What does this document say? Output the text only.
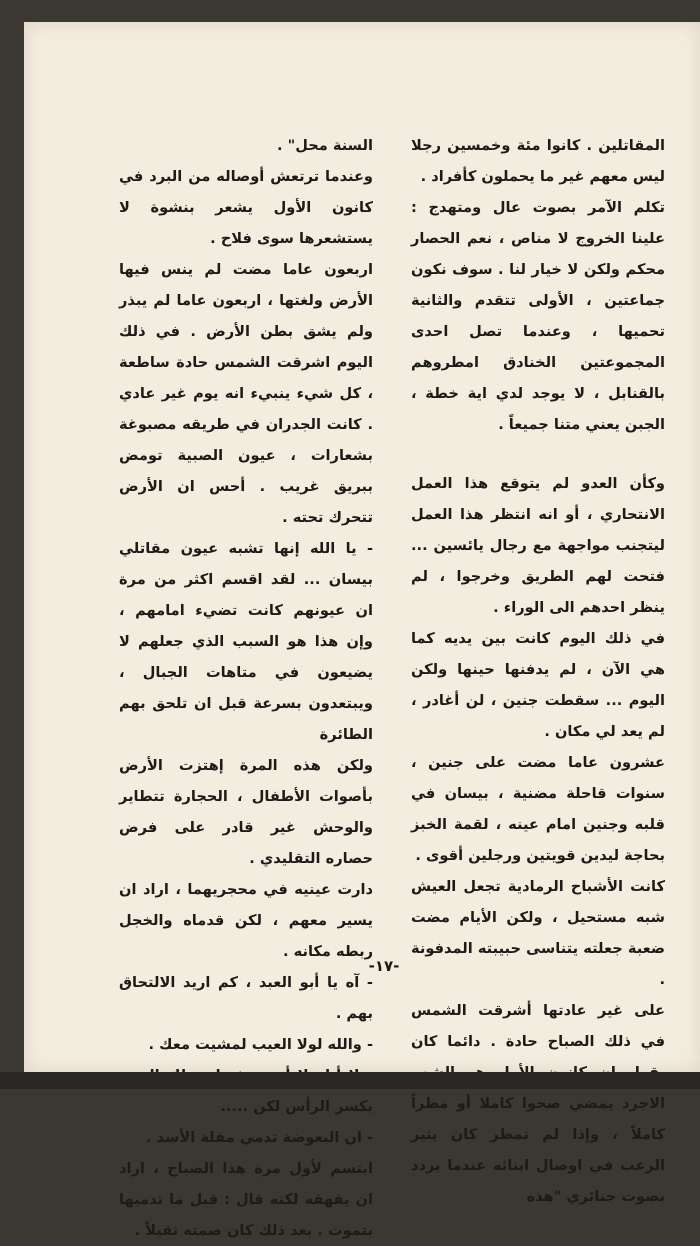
المقاتلين . كانوا مئة وخمسين رجلا ليس معهم غير ما يحملون كأفراد .

تكلم الآمر بصوت عال ومتهدج : علينا الخروج لا مناص ، نعم الحصار محكم ولكن لا خيار لنا . سوف نكون جماعتين ، الأولى تتقدم والثانية تحميها ، وعندما تصل احدى المجموعتين الخنادق امطروهم بالقنابل ، لا يوجد لدي اية خطة ، الجبن يعني متنا جميعاً .

وكأن العدو لم يتوقع هذا العمل الانتحاري ، أو انه انتظر هذا العمل ليتجنب مواجهة مع رجال يائسين ... فتحت لهم الطريق وخرجوا ، لم ينظر احدهم الى الوراء .

في ذلك اليوم كانت بين يديه كما هي الآن ، لم يدفنها حينها ولكن اليوم ... سقطت جنين ، لن أغادر ، لم يعد لي مكان .

عشرون عاما مضت على جنين ، سنوات قاحلة مضنية ، بيسان في قلبه وجنين امام عينه ، لقمة الخبز بحاجة ليدين قويتين ورجلين أقوى .

كانت الأشباح الرمادية تجعل العيش شبه مستحيل ، ولكن الأيام مضت ضعبة جعلته يتناسى حبيبته المدفونة .

على غير عادتها أشرقت الشمس في ذلك الصباح حادة . دائما كان الاجرد يمضي صحوا كاملا أو مطراً كاملاً ، وإذا لم تمطر كان يثير الرعب في اوصال ابنائه عندما يردد بصوت جنائزي "هذه

السنة محل" .

وعندما ترتعش أوصاله من البرد في كانون الأول يشعر بنشوة لا يستشعرها سوى فلاح .

اربعون عاما مضت لم ينس فيها الأرض ولغتها ، اربعون عاما لم يبذر ولم يشق بطن الأرض . في ذلك اليوم اشرقت الشمس حادة ساطعة ، كل شيء ينبيء انه يوم غير عادي . كانت الجدران في طريقه مصبوغة بشعارات ، عيون الصبية تومض ببريق غريب . أحس ان الأرض تتحرك تحته .

- يا الله إنها تشبه عيون مقاتلي بيسان ... لقد اقسم اكثر من مرة ان عيونهم كانت تضيء امامهم ، وإن هذا هو السبب الذي جعلهم لا يضيعون في متاهات الجبال ، ويبتعدون بسرعة قبل ان تلحق بهم الطائرة

ولكن هذه المرة إهتزت الأرض بأصوات الأطفال ، الحجارة تتطاير والوحش غير قادر على فرض حصاره التقليدي .

دارت عينيه في محجريهما ، اراد ان يسير معهم ، لكن قدماه والخجل ربطه مكانه .

- آه يا أبو العبد ، كم اريد الالتحاق بهم .

- والله لولا العيب لمشيت معك .

بكسر الرأس لكن .....

- ان البعوضة تدمي مقلة الأسد .

ابتسم لأول مرة هذا الصباح ، اراد ان يقهقه لكنه قال : قبل ما تدميها بتموت . بعد ذلك كان صمته ثقيلاً .

-١٧-
